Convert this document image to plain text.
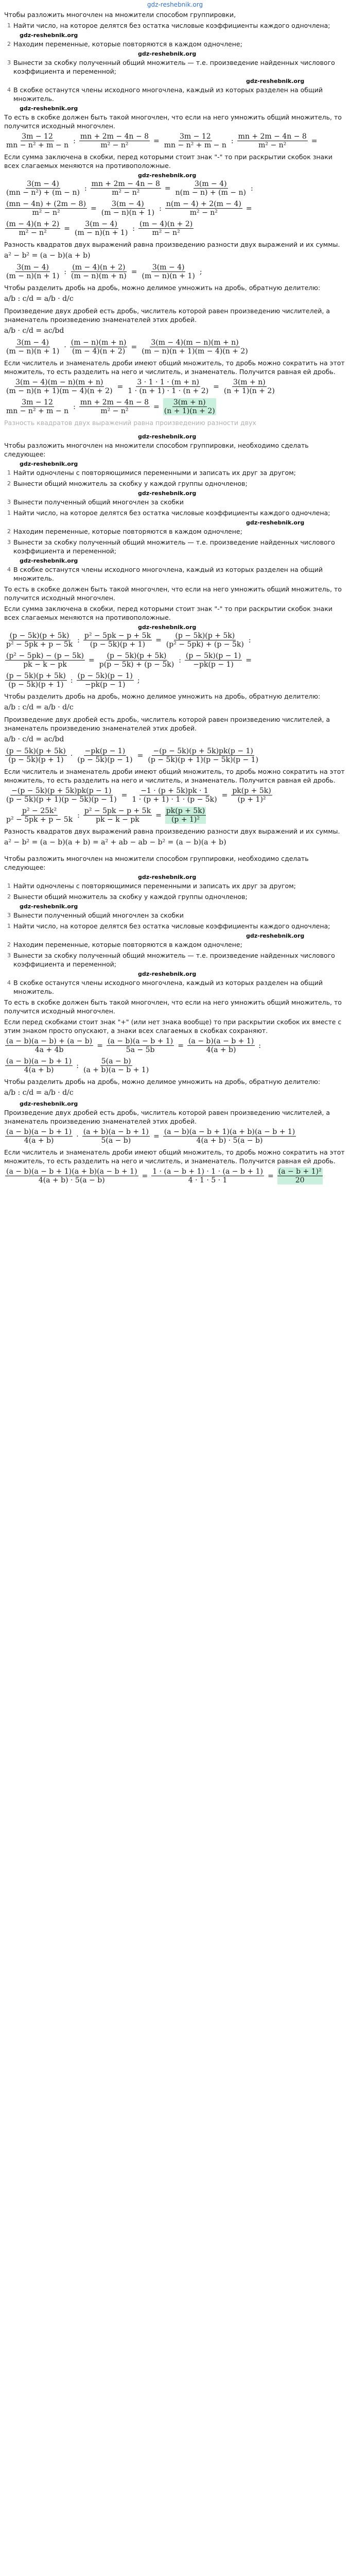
gdz-reshebnik.org

Чтобы разложить многочлен на множители способом группировки,

1 Найти число, на которое делятся без остатка числовые коэффициенты каждого одночлена;
gdz-reshebnik.org
2 Находим переменные, которые повторяются в каждом одночлене;
gdz-reshebnik.org
3 Вынести за скобку полученный общий множитель — т.е. произведение найденных числового коэффициента и переменной;
gdz-reshebnik.org
4 В скобке останутся члены исходного многочлена, каждый из которых разделен на общий множитель.
gdz-reshebnik.org

То есть в скобке должен быть такой многочлен, что если на него умножить общий множитель, то получится исходный многочлен.

$\frac{3m - 12}{\text{mn − n² + m − n}}$ : $\frac{mn + 2m - 4n - 8}{\text{m² − n²}} = \frac{3m - 12}{\text{mn − n² + m − n}}$ : $\frac{mn + 2m - 4n - 8}{\text{m² − n²}}$ =

Если сумма заключена в скобки, перед которыми стоит знак "-" то при раскрытии скобок знаки всех слагаемых меняются на противоположные.

gdz-reshebnik.org
$\frac{3(m - 4)}{\text{(mn − n²) + (m − n)}}$ : $\frac{mn + 2m - 4n - 8}{\text{m² − n²}} = \frac{3(m - 4)}{n(m - n) + (m - n)}$ :
$\frac{(mn - 4n) + (2m - 8)}{\text{m² − n²}} = \frac{3(m - 4)}{(m - n)(n + 1)}$ : $\frac{n(m - 4) + 2(m - 4)}{\text{m² − n²}}$ =
$\frac{(m - 4)(n + 2)}{\text{m² − n²}} = \frac{3(m - 4)}{(m - n)(n + 1)}$ : $\frac{(m - 4)(n + 2)}{\text{m² − n²}}$

Разность квадратов двух выражений равна произведению разности двух выражений и их суммы.

a² − b² = (a − b)(a + b)
$\frac{3(m - 4)}{(m - n)(n + 1)}$ : $\frac{(m - 4)(n + 2)}{(m - n)(m + n)} = \frac{3(m - 4)}{(m - n)(n + 1)}$ ;

Чтобы разделить дробь на дробь, можно делимое умножить на дробь, обратную делителю:

a/b : c/d = a/b · d/c

Произведение двух дробей есть дробь, числитель которой равен произведению числителей, а знаменатель произведению знаменателей этих дробей.

a/b · c/d = ac/bd
$\frac{3(m - 4)}{(m - n)(n + 1)} \cdot \frac{(m - n)(m + n)}{(m - 4)(n + 2)} = \frac{3(m - 4)(m - n)(m + n)}{(m - n)(n + 1)(m - 4)(n + 2)}$

Если числитель и знаменатель дроби имеют общий множитель, то дробь можно сократить на этот множитель, то есть разделить на него и числитель, и знаменатель. Получится равная ей дробь.

$\frac{3(m - 4)(m - n)(m + n)}{(m - n)(n + 1)(m - 4)(n + 2)} = \frac{3 \cdot 1 \cdot 1 \cdot (m + n)}{1 \cdot (n + 1) \cdot 1 \cdot (n + 2)} = \frac{3(m + n)}{(n + 1)(n + 2)}$
$\frac{3m - 12}{\text{mn − n² + m − n}}$ : $\frac{mn + 2m - 4n - 8}{\text{m² − n²}} = \frac{3(m + n)}{(n + 1)(n + 2)}$

Разность квадратов двух выражений равна произведению разности двух

gdz-reshebnik.org

Чтобы разложить многочлен на множители способом группировки, необходимо сделать следующее:

gdz-reshebnik.org
1 Найти одночлены с повторяющимися переменными и записать их друг за другом;
2 Вынести общий множитель за скобку у каждой группы одночленов;
gdz-reshebnik.org
3 Вынести полученный общий многочлен за скобки
1 Найти число, на которое делятся без остатка числовые коэффициенты каждого одночлена;
gdz-reshebnik.org
2 Находим переменные, которые повторяются в каждом одночлене;
3 Вынести за скобку полученный общий множитель — т.е. произведение найденных числового коэффициента и переменной;
gdz-reshebnik.org
4 В скобке останутся члены исходного многочлена, каждый из которых разделен на общий множитель.

То есть в скобке должен быть такой многочлен, что если на него умножить общий множитель, то получится исходный многочлен.

Если сумма заключена в скобки, перед которыми стоит знак "-" то при раскрытии скобок знаки всех слагаемых меняются на противоположные.

gdz-reshebnik.org
$\frac{(p - 5k)(p + 5k)}{\text{p² − 5pk + p − 5k}}$ : $\frac{\text{p² − 5pk − p + 5k}}{(p - 5k)(p + 1)} = \frac{(p - 5k)(p + 5k)}{\text{(p² − 5pk) + (p − 5k)}}$ :
$\frac{\text{(p² − 5pk) − (p − 5k)}}{pk - k - pk} = \frac{(p - 5k)(p + 5k)}{p(p - 5k) + (p - 5k)}$ : $\frac{(p - 5k)(p - 1)}{-pk(p - 1)}$ =
$\frac{(p - 5k)(p + 5k)}{(p - 5k)(p + 1)}$ : $\frac{(p - 5k)(p - 1)}{-pk(p - 1)}$ ;

Чтобы разделить дробь на дробь, можно делимое умножить на дробь, обратную делителю:

a/b : c/d = a/b · d/c

Произведение двух дробей есть дробь, числитель которой равен произведению числителей, а знаменатель произведению знаменателей этих дробей.

a/b · c/d = ac/bd
$\frac{(p - 5k)(p + 5k)}{(p - 5k)(p + 1)} \cdot \frac{-pk(p - 1)}{(p - 5k)(p - 1)} = \frac{-(p - 5k)(p + 5k)pk(p - 1)}{(p - 5k)(p + 1)(p - 5k)(p - 1)}$

Если числитель и знаменатель дроби имеют общий множитель, то дробь можно сократить на этот множитель, то есть разделить на него и числитель, и знаменатель. Получится равная ей дробь.

$\frac{-(p - 5k)(p + 5k)pk(p - 1)}{(p - 5k)(p + 1)(p - 5k)(p - 1)} = \frac{-1 \cdot (p + 5k)pk \cdot 1}{1 \cdot (p + 1) \cdot 1 \cdot (p - 5k)} = \frac{pk(p + 5k)}{\text{(p + 1)²}}$
$\frac{\text{p² − 25k²}}{\text{p² − 5pk + p − 5k}}$ : $\frac{\text{p² − 5pk − p + 5k}}{pk - k - pk} = \frac{pk(p + 5k)}{\text{(p + 1)²}}$

Разность квадратов двух выражений равна произведению разности двух выражений и их суммы.

a² − b² = (a − b)(a + b) = a² + ab − ab − b² = (a − b)(a + b)

Чтобы разложить многочлен на множители способом группировки, необходимо сделать следующее:

gdz-reshebnik.org
1 Найти одночлены с повторяющимися переменными и записать их друг за другом;
2 Вынести общий множитель за скобку у каждой группы одночленов;
gdz-reshebnik.org
3 Вынести полученный общий многочлен за скобки
1 Найти число, на которое делятся без остатка числовые коэффициенты каждого одночлена;
gdz-reshebnik.org
2 Находим переменные, которые повторяются в каждом одночлене;
3 Вынести за скобку полученный общий множитель — т.е. произведение найденных числового коэффициента и переменной;
gdz-reshebnik.org
4 В скобке останутся члены исходного многочлена, каждый из которых разделен на общий множитель.

То есть в скобке должен быть такой многочлен, что если на него умножить общий множитель, то получится исходный многочлен.

Если перед скобками стоит знак "+" (или нет знака вообще) то при раскрытии скобок их вместе с этим знаком просто опускают, а знаки всех слагаемых в скобках сохраняют.

$\frac{(a - b)(a - b) + (a - b)}{4a + 4b} = \frac{(a - b)(a - b + 1)}{5a - 5b} = \frac{(a - b)(a - b + 1)}{4(a + b)}$ :
$\frac{(a - b)(a - b + 1)}{4(a + b)}$ : $\frac{5(a - b)}{(a + b)(a - b + 1)}$

Чтобы разделить дробь на дробь, можно делимое умножить на дробь, обратную делителю:

a/b : c/d = a/b · d/c
gdz-reshebnik.org

Произведение двух дробей есть дробь, числитель которой равен произведению числителей, а знаменатель произведению знаменателей этих дробей.

$\frac{(a - b)(a - b + 1)}{4(a + b)} \cdot \frac{(a + b)(a - b + 1)}{5(a - b)} = \frac{(a - b)(a - b + 1)(a + b)(a - b + 1)}{4(a + b) \cdot 5(a - b)}$

Если числитель и знаменатель дроби имеют общий множитель, то дробь можно сократить на этот множитель, то есть разделить на него и числитель, и знаменатель. Получится равная ей дробь.

$\frac{(a - b)(a - b + 1)(a + b)(a - b + 1)}{4(a + b) \cdot 5(a - b)} = \frac{1 \cdot (a - b + 1) \cdot 1 \cdot (a - b + 1)}{4 \cdot 1 \cdot 5 \cdot 1} = \frac{\text{(a − b + 1)²}}{20}$
